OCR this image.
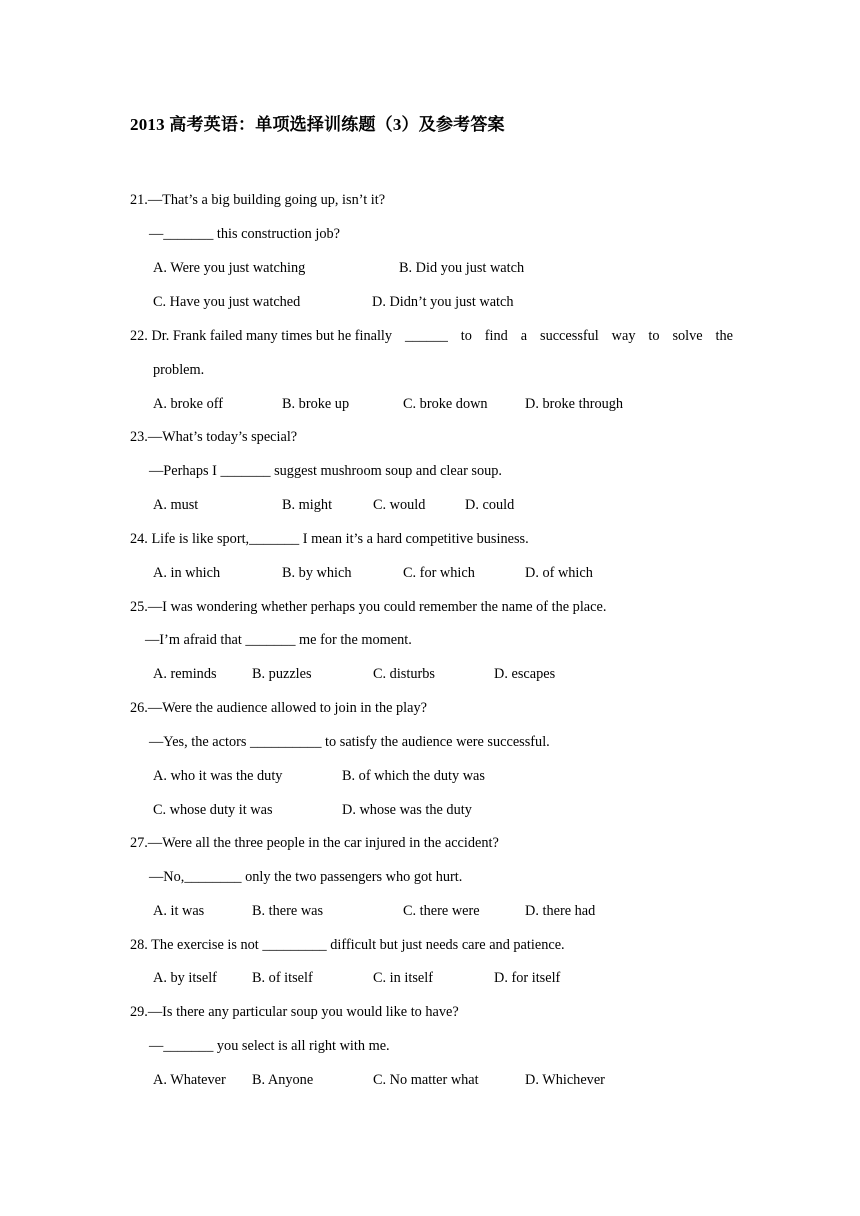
2013 高考英语：单项选择训练题（3）及参考答案
21.—That’s a big building going up, isn’t it?
—_______ this construction job?
A. Were you just watching	B. Did you just watch
C. Have you just watched	D. Didn’t you just watch
22. Dr. Frank failed many times but he finally ______ to find a successful way to solve the
problem.
A. broke off	B. broke up	C. broke down	D. broke through
23.—What’s today’s special?
—Perhaps I _______ suggest mushroom soup and clear soup.
A. must	B. might	C. would	D. could
24. Life is like sport,_______ I mean it’s a hard competitive business.
A. in which	B. by which	C. for which	D. of which
25.—I was wondering whether perhaps you could remember the name of the place.
—I’m afraid that _______ me for the moment.
A. reminds B. puzzles	C. disturbs	D. escapes
26.—Were the audience allowed to join in the play?
—Yes, the actors __________ to satisfy the audience were successful.
A. who it was the duty	B. of which the duty was
C. whose duty it was	D. whose was the duty
27.—Were all the three people in the car injured in the accident?
—No,________ only the two passengers who got hurt.
A. it was	B. there was	C. there were	D. there had
28. The exercise is not _________ difficult but just needs care and patience.
A. by itself B. of itself	C. in itself	D. for itself
29.—Is there any particular soup you would like to have?
—_______ you select is all right with me.
A. Whatever B. Anyone	C. No matter what	D. Whichever
